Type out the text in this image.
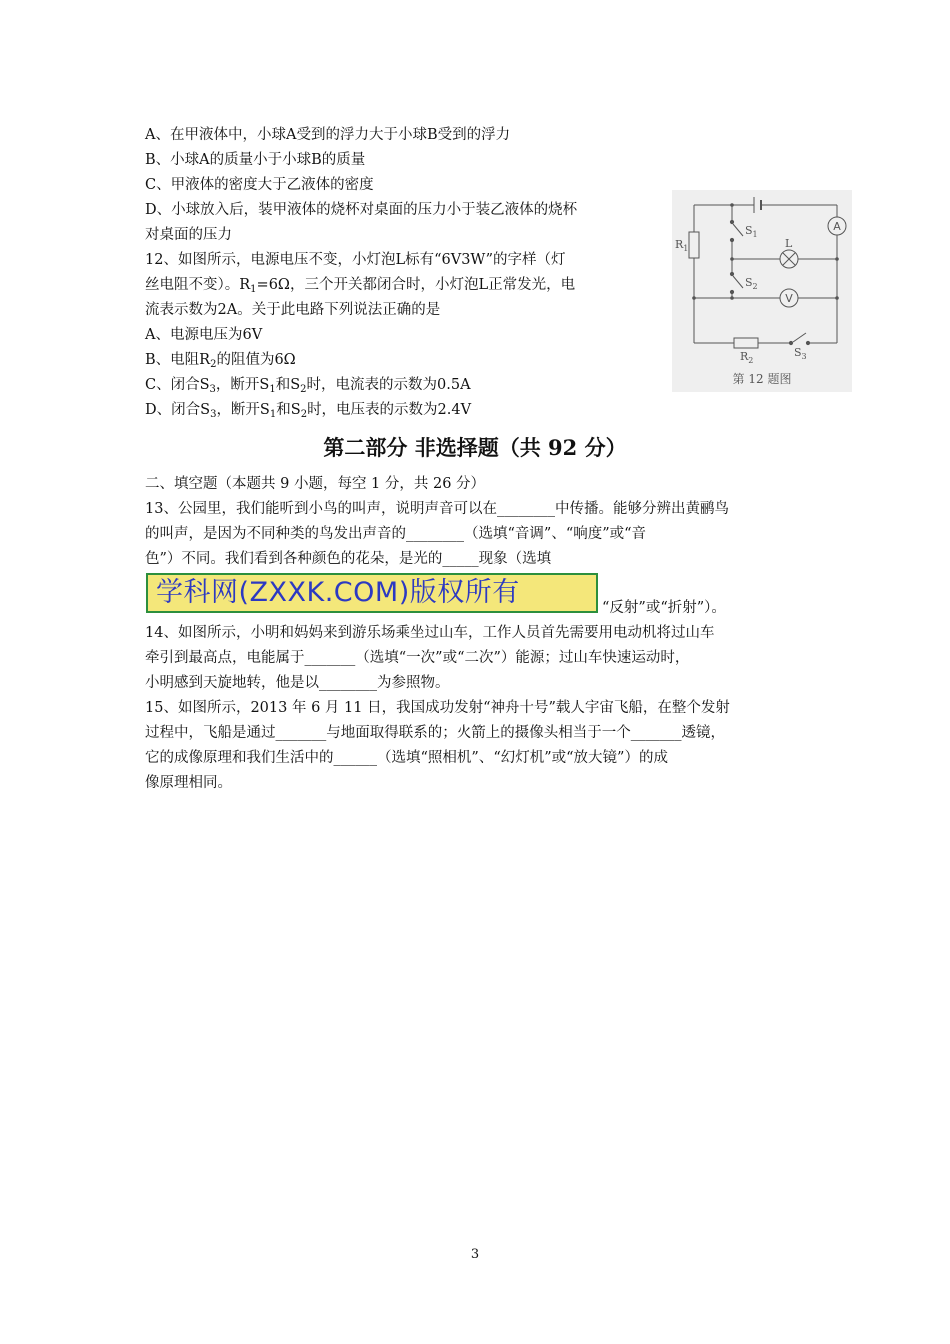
A、在甲液体中，小球A受到的浮力大于小球B受到的浮力
B、小球A的质量小于小球B的质量
C、甲液体的密度大于乙液体的密度
D、小球放入后，装甲液体的烧杯对桌面的压力小于装乙液体的烧杯
对桌面的压力
12、如图所示，电源电压不变，小灯泡L标有“6V3W”的字样（灯
丝电阻不变）。$R_1=6\Omega$，三个开关都闭合时，小灯泡L正常发光，电
流表示数为2A。关于此电路下列说法正确的是
A、电源电压为6V
B、电阻$R_2$的阻值为6Ω
C、闭合$S_3$，断开$S_1$和$S_2$时，电流表的示数为0.5A
D、闭合$S_3$，断开$S_1$和$S_2$时，电压表的示数为2.4V
A
V
$R_1$
$S_1$
L
$S_2$
$R_2$
$S_3$
第 12 题图
第二部分 非选择题（共 92 分）
二、填空题（本题共 9 小题，每空 1 分，共 26 分）
13、公园里，我们能听到小鸟的叫声，说明声音可以在________中传播。能够分辨出黄鹂鸟
的叫声，是因为不同种类的鸟发出声音的________（选填“音调”、“响度”或“音
色”）不同。我们看到各种颜色的花朵，是光的_____现象（选填
学科网(ZXXK.COM)版权所有	“反射”或“折射”）。
14、如图所示，小明和妈妈来到游乐场乘坐过山车，工作人员首先需要用电动机将过山车
牵引到最高点，电能属于_______（选填“一次”或“二次”）能源；过山车快速运动时，
小明感到天旋地转，他是以________为参照物。
15、如图所示，2013 年 6 月 11 日，我国成功发射“神舟十号”载人宇宙飞船，在整个发射
过程中，飞船是通过_______与地面取得联系的；火箭上的摄像头相当于一个_______透镜，
它的成像原理和我们生活中的______（选填“照相机”、“幻灯机”或“放大镜”）的成
像原理相同。
3
